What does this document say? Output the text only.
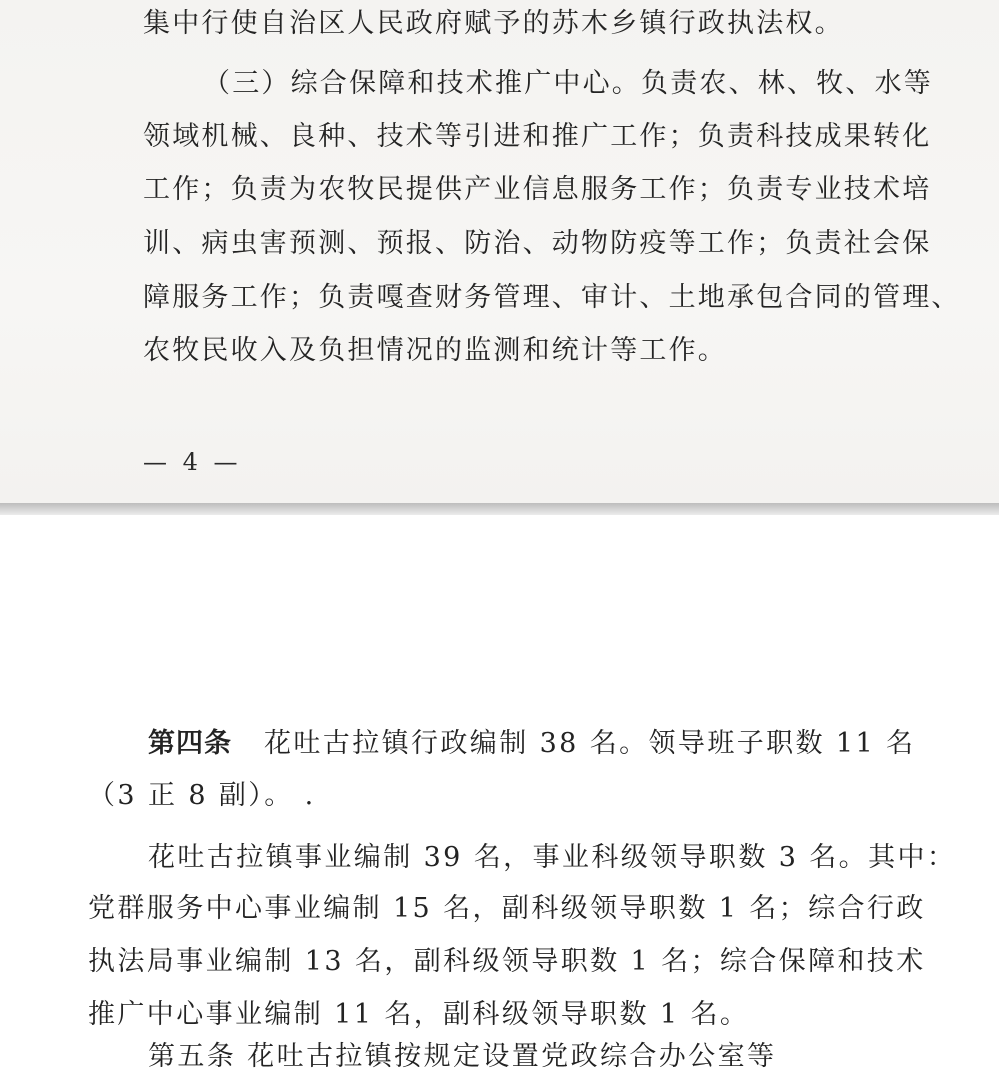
集中行使自治区人民政府赋予的苏木乡镇行政执法权。
（三）综合保障和技术推广中心。负责农、林、牧、水等
领域机械、良种、技术等引进和推广工作；负责科技成果转化
工作；负责为农牧民提供产业信息服务工作；负责专业技术培
训、病虫害预测、预报、防治、动物防疫等工作；负责社会保
障服务工作；负责嘎查财务管理、审计、土地承包合同的管理、
农牧民收入及负担情况的监测和统计等工作。
— 4 —
第四条 花吐古拉镇行政编制 38 名。领导班子职数 11 名
（3 正 8 副）。 .
花吐古拉镇事业编制 39 名，事业科级领导职数 3 名。其中：
党群服务中心事业编制 15 名，副科级领导职数 1 名；综合行政
执法局事业编制 13 名，副科级领导职数 1 名；综合保障和技术
推广中心事业编制 11 名，副科级领导职数 1 名。
第五条 花吐古拉镇按规定设置党政综合办公室等
